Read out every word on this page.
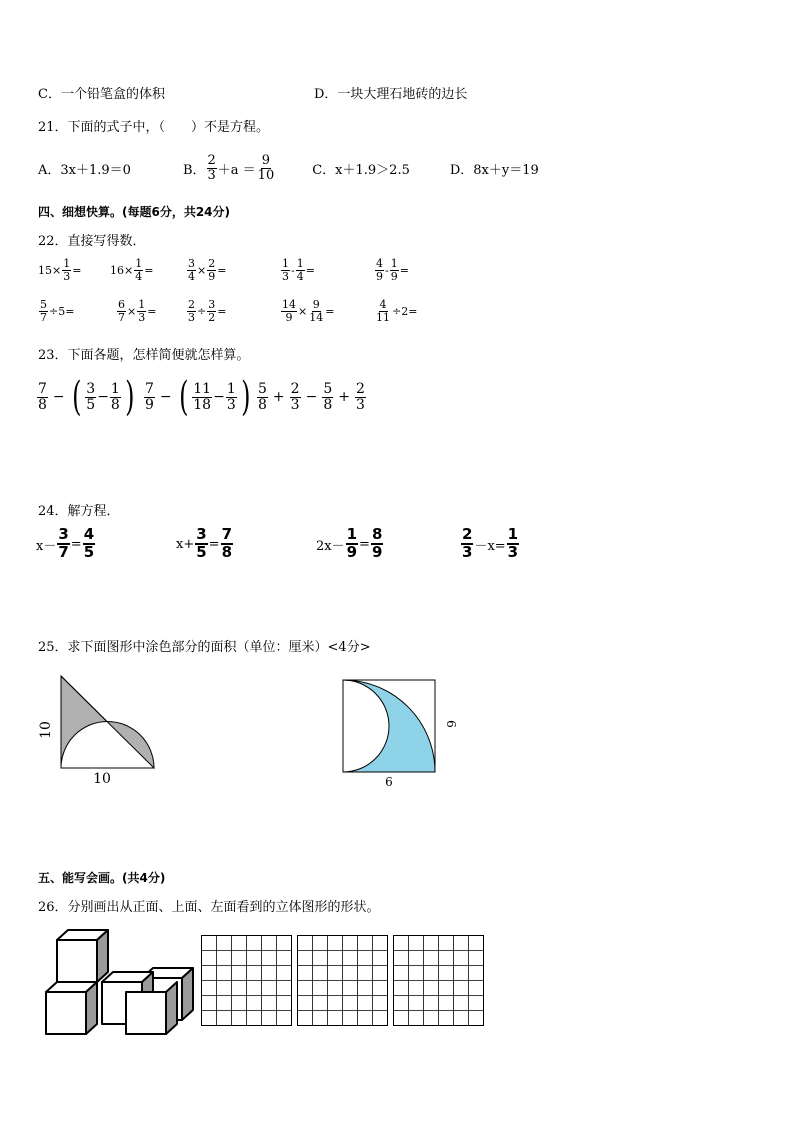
C．一个铅笔盒的体积	D．一块大理石地砖的边长
21．下面的式子中，（　　）不是方程。
A．3x＋1.9＝0	B． $\frac{2}{3} +a = \frac{9}{10}$	C．x＋1.9＞2.5	D．8x＋y＝19
四、细想快算。(每题6分，共24分)
22．直接写得数．
$15\times \frac{1}{3}$ =	$16\times \frac{1}{4}$ =	$\frac{3}{4} \times \frac{2}{9}$ =	$\frac{1}{3} - \frac{1}{4}$ =	$\frac{4}{9} - \frac{1}{9}$ =
$\frac{5}{7} \div 5=$	$\frac{6}{7} \times \frac{1}{3}$ =	$\frac{2}{3} \div \frac{3}{2}$ =	$\frac{14}{9} \times \frac{9}{14}$ =	$\frac{4}{11} \div 2=$
23．下面各题，怎样简便就怎样算。
$\frac{7}{8}$ − ( $\frac{3}{5} - \frac{1}{8}$ ) $\frac{7}{9}$ − ( $\frac{11}{18} - \frac{1}{3}$ ) $\frac{5}{8} + \frac{2}{3} - \frac{5}{8} + \frac{2}{3}$
24．解方程．
$x- \frac{3}{7} = \frac{4}{5}$	$x+ \frac{3}{5} = \frac{7}{8}$	$2x- \frac{1}{9} = \frac{8}{9}$	$\frac{2}{3} -x= \frac{1}{3}$
25．求下面图形中涂色部分的面积（单位：厘米）<4分>
10
10
6
6
五、能写会画。(共4分)
26．分别画出从正面、上面、左面看到的立体图形的形状。
